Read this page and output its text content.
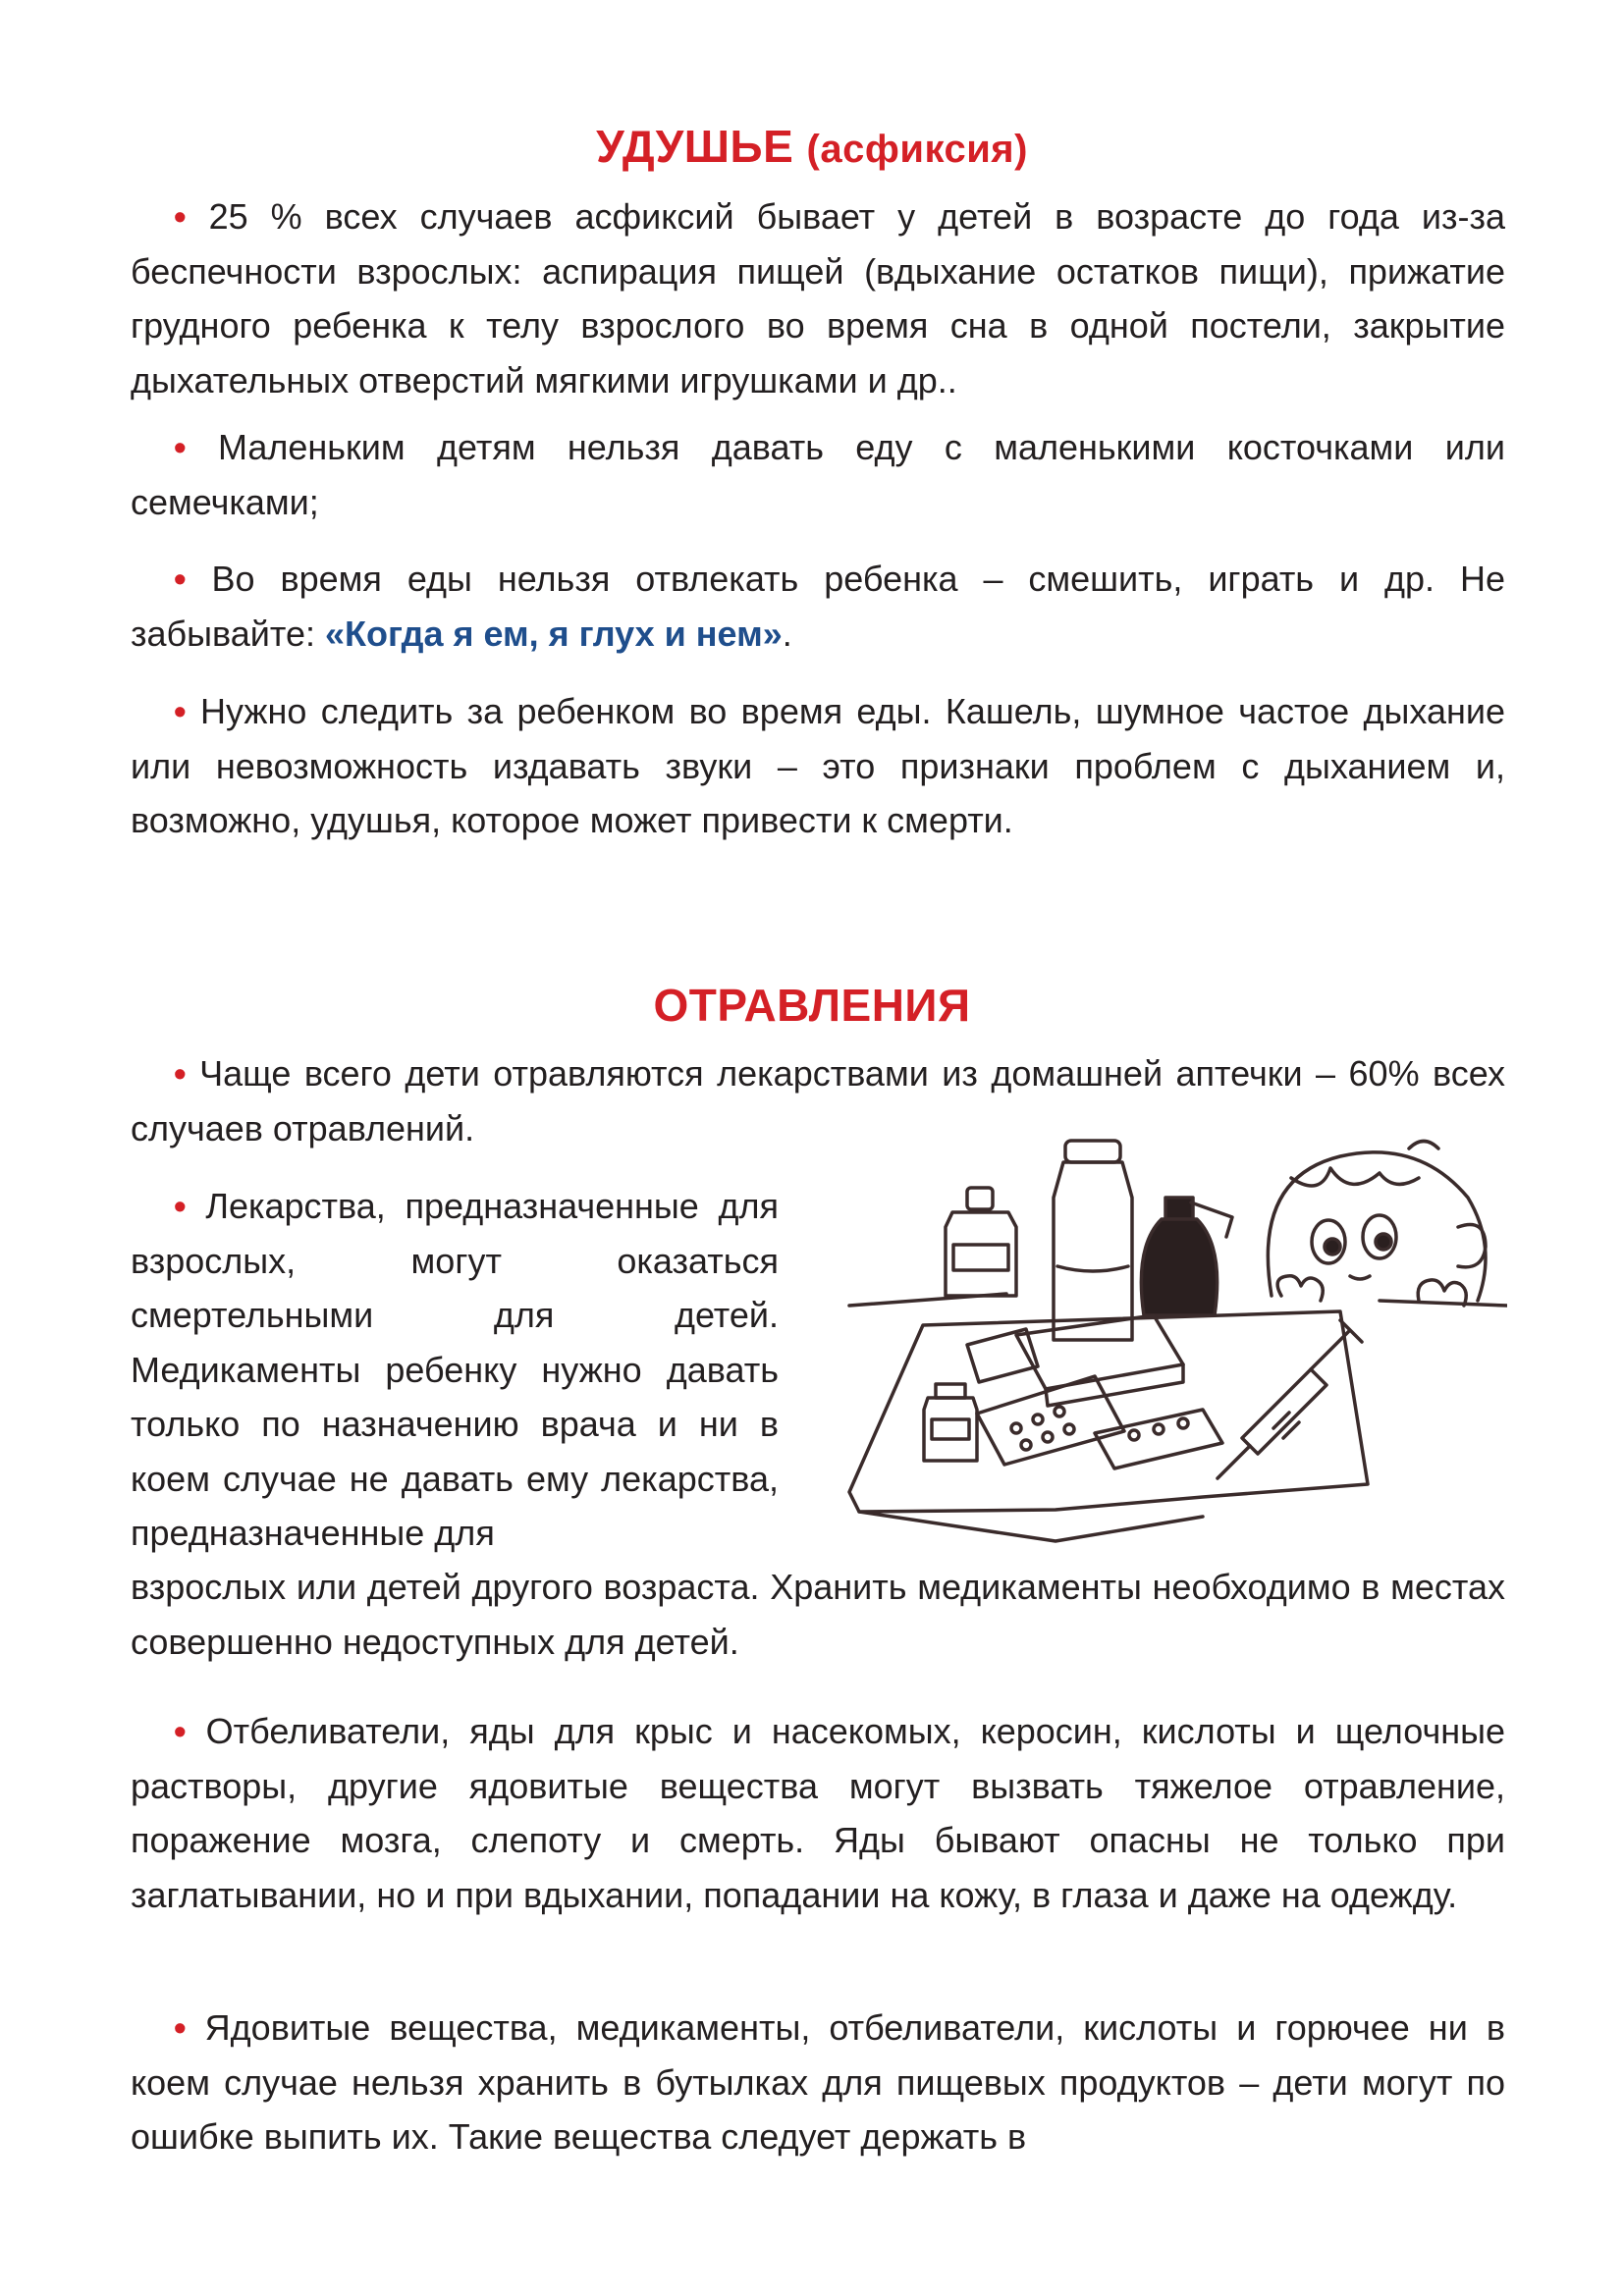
УДУШЬЕ (асфиксия)

• 25 % всех случаев асфиксий бывает у детей в возрасте до года из-за беспечности взрослых: аспирация пищей (вдыхание остатков пищи), прижатие грудного ребенка к телу взрослого во время сна в одной постели, закрытие дыхательных отверстий мягкими игрушками и др..

• Маленьким детям нельзя давать еду с маленькими косточками или семечками;

• Во время еды нельзя отвлекать ребенка – смешить, играть и др. Не забывайте: «Когда я ем, я глух и нем».

• Нужно следить за ребенком во время еды. Кашель, шумное частое дыхание или невозможность издавать звуки – это признаки проблем с дыханием и, возможно, удушья, которое может привести к смерти.

ОТРАВЛЕНИЯ

• Чаще всего дети отравляются лекарствами из домашней аптечки – 60% всех случаев отравлений.

• Лекарства, предназначенные для взрослых, могут оказаться смертельными для детей. Медикаменты ребенку нужно давать только по назначению врача и ни в коем случае не давать ему лекарства, предназначенные для

взрослых или детей другого возраста. Хранить медикаменты необходимо в местах совершенно недоступных для детей.

• Отбеливатели, яды для крыс и насекомых, керосин, кислоты и щелочные растворы, другие ядовитые вещества могут вызвать тяжелое отравление, поражение мозга, слепоту и смерть. Яды бывают опасны не только при заглатывании, но и при вдыхании, попадании на кожу, в глаза и даже на одежду.

• Ядовитые вещества, медикаменты, отбеливатели, кислоты и горючее ни в коем случае нельзя хранить в бутылках для пищевых продуктов – дети могут по ошибке выпить их. Такие вещества следует держать в
